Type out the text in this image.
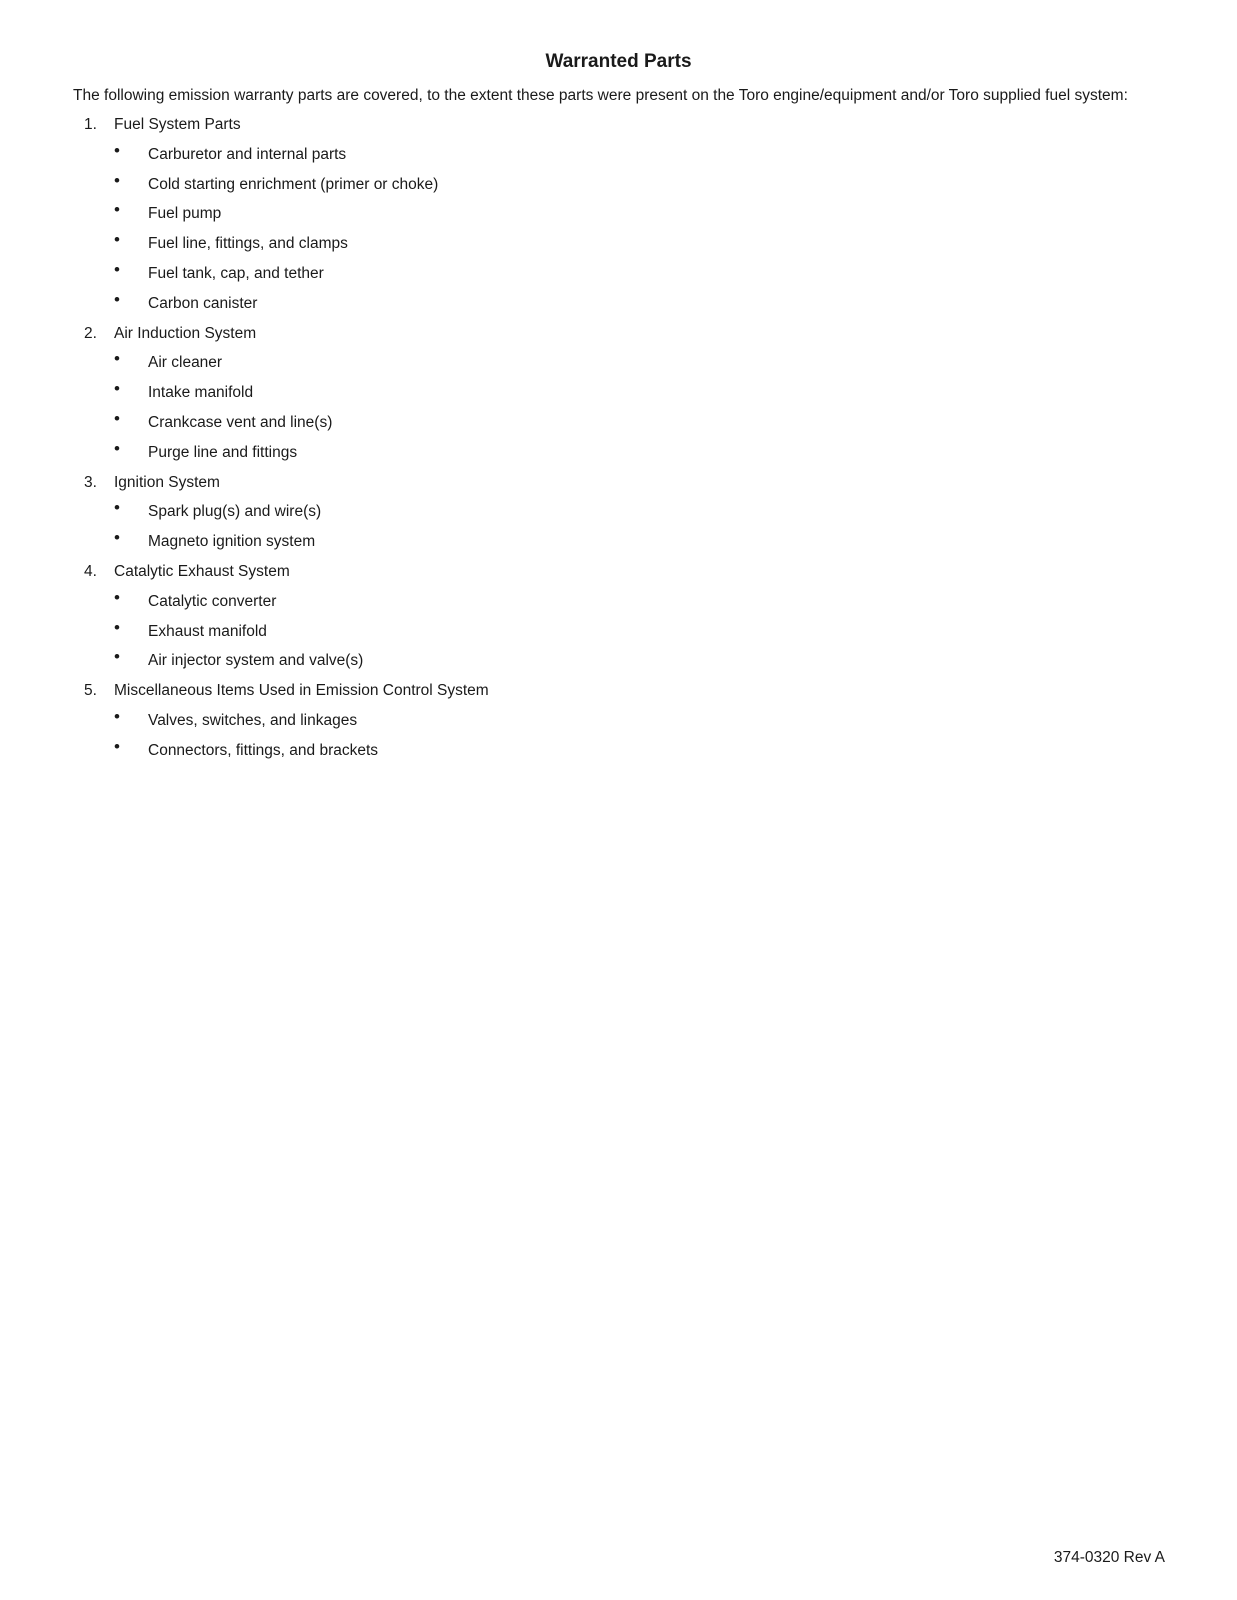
Warranted Parts

The following emission warranty parts are covered, to the extent these parts were present on the Toro engine/equipment and/or Toro supplied fuel system:

1. Fuel System Parts
• Carburetor and internal parts
• Cold starting enrichment (primer or choke)
• Fuel pump
• Fuel line, fittings, and clamps
• Fuel tank, cap, and tether
• Carbon canister
2. Air Induction System
• Air cleaner
• Intake manifold
• Crankcase vent and line(s)
• Purge line and fittings
3. Ignition System
• Spark plug(s) and wire(s)
• Magneto ignition system
4. Catalytic Exhaust System
• Catalytic converter
• Exhaust manifold
• Air injector system and valve(s)
5. Miscellaneous Items Used in Emission Control System
• Valves, switches, and linkages
• Connectors, fittings, and brackets
374-0320 Rev A
